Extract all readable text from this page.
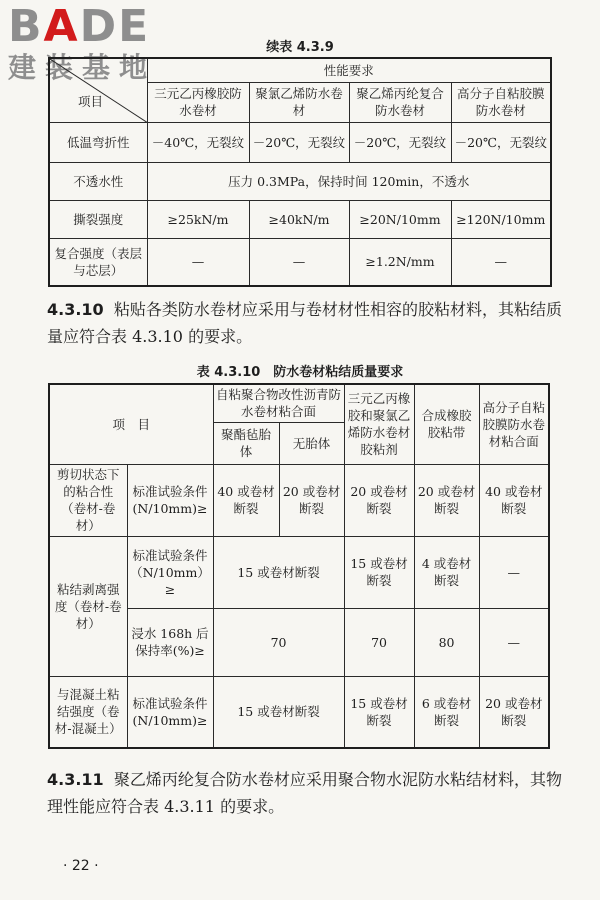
BADE
建装基地
续表 4.3.9
项目	性能要求			
	三元乙丙橡胶防水卷材	聚氯乙烯防水卷材	聚乙烯丙纶复合防水卷材	高分子自粘胶膜防水卷材
低温弯折性	－40℃，无裂纹	－20℃，无裂纹	－20℃，无裂纹	－20℃，无裂纹
不透水性	压力 0.3MPa，保持时间 120min，不透水			
撕裂强度	≥25kN/m	≥40kN/m	≥20N/10mm	≥120N/10mm
复合强度（表层与芯层）	—	—	≥1.2N/mm	—
4.3.10 粘贴各类防水卷材应采用与卷材材性相容的胶粘材料，其粘结质量应符合表 4.3.10 的要求。
表 4.3.10　防水卷材粘结质量要求
项　目		自粘聚合物改性沥青防水卷材粘合面		三元乙丙橡胶和聚氯乙烯防水卷材胶粘剂	合成橡胶胶粘带	高分子自粘胶膜防水卷材粘合面
		聚酯毡胎体	无胎体			
剪切状态下的粘合性（卷材-卷材）	标准试验条件(N/10mm)≥	40 或卷材断裂	20 或卷材断裂	20 或卷材断裂	20 或卷材断裂	40 或卷材断裂
粘结剥离强度（卷材-卷材）	标准试验条件（N/10mm）≥	15 或卷材断裂		15 或卷材断裂	4 或卷材断裂	—
	浸水 168h 后保持率(%)≥	70		70	80	—
与混凝土粘结强度（卷材-混凝土）	标准试验条件(N/10mm)≥	15 或卷材断裂		15 或卷材断裂	6 或卷材断裂	20 或卷材断裂
4.3.11 聚乙烯丙纶复合防水卷材应采用聚合物水泥防水粘结材料，其物理性能应符合表 4.3.11 的要求。
· 22 ·
